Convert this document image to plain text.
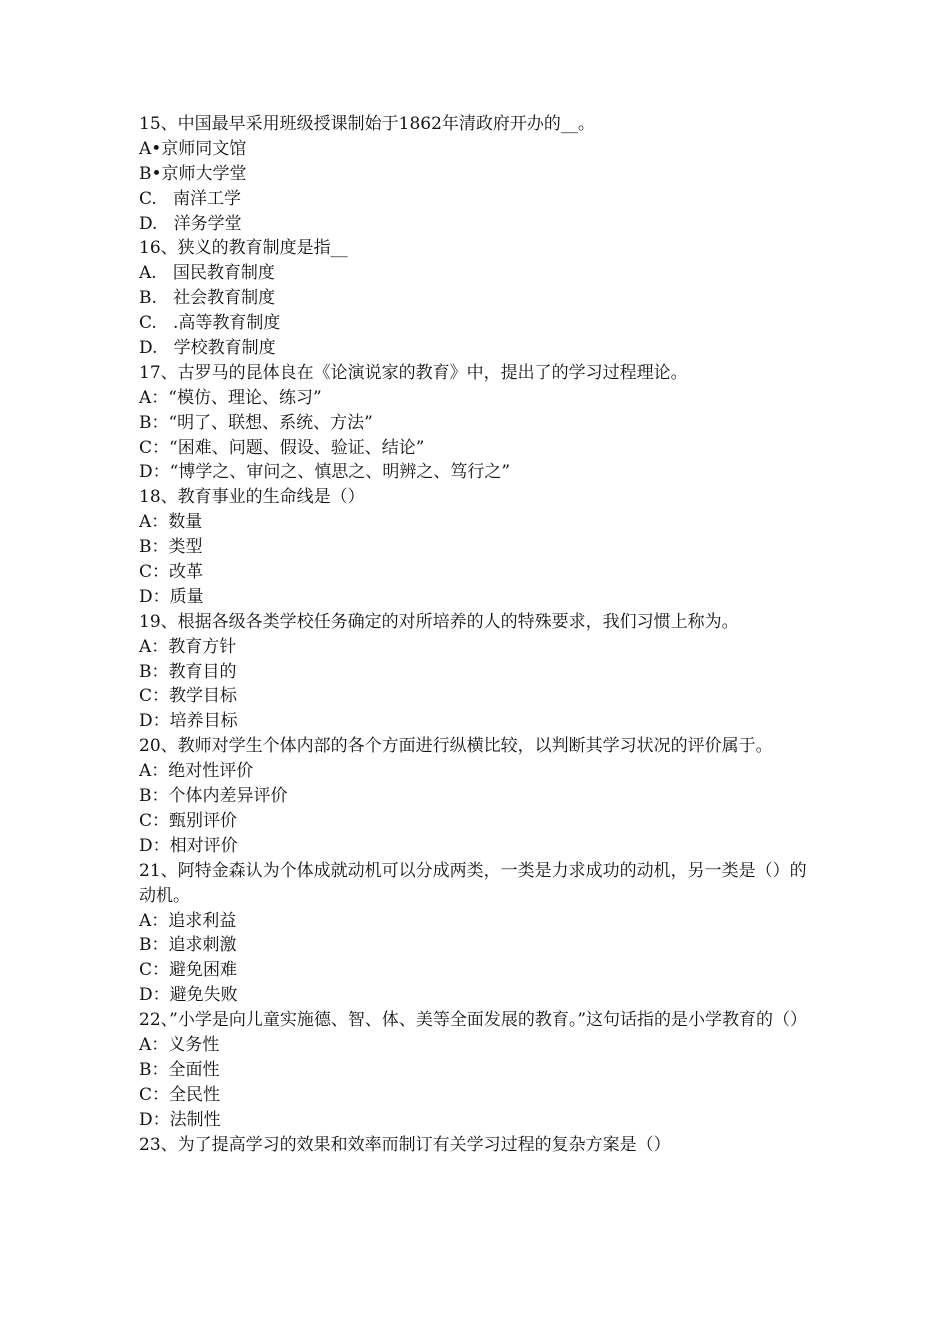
15、中国最早采用班级授课制始于1862年清政府开办的__。
A•京师同文馆
B•京师大学堂
C.   南洋工学
D.   洋务学堂
16、狭义的教育制度是指__
A.   国民教育制度
B.   社会教育制度
C.   .高等教育制度
D.   学校教育制度
17、古罗马的昆体良在《论演说家的教育》中，提出了的学习过程理论。
A：“模仿、理论、练习”
B：“明了、联想、系统、方法”
C：“困难、问题、假设、验证、结论”
D：“博学之、审问之、慎思之、明辨之、笃行之”
18、教育事业的生命线是（）
A：数量
B：类型
C：改革
D：质量
19、根据各级各类学校任务确定的对所培养的人的特殊要求，我们习惯上称为。
A：教育方针
B：教育目的
C：教学目标
D：培养目标
20、教师对学生个体内部的各个方面进行纵横比较，以判断其学习状况的评价属于。
A：绝对性评价
B：个体内差异评价
C：甄别评价
D：相对评价
21、阿特金森认为个体成就动机可以分成两类，一类是力求成功的动机，另一类是（）的动机。
A：追求利益
B：追求刺激
C：避免困难
D：避免失败
22、”小学是向儿童实施德、智、体、美等全面发展的教育。”这句话指的是小学教育的（）
A：义务性
B：全面性
C：全民性
D：法制性
23、为了提高学习的效果和效率而制订有关学习过程的复杂方案是（）
